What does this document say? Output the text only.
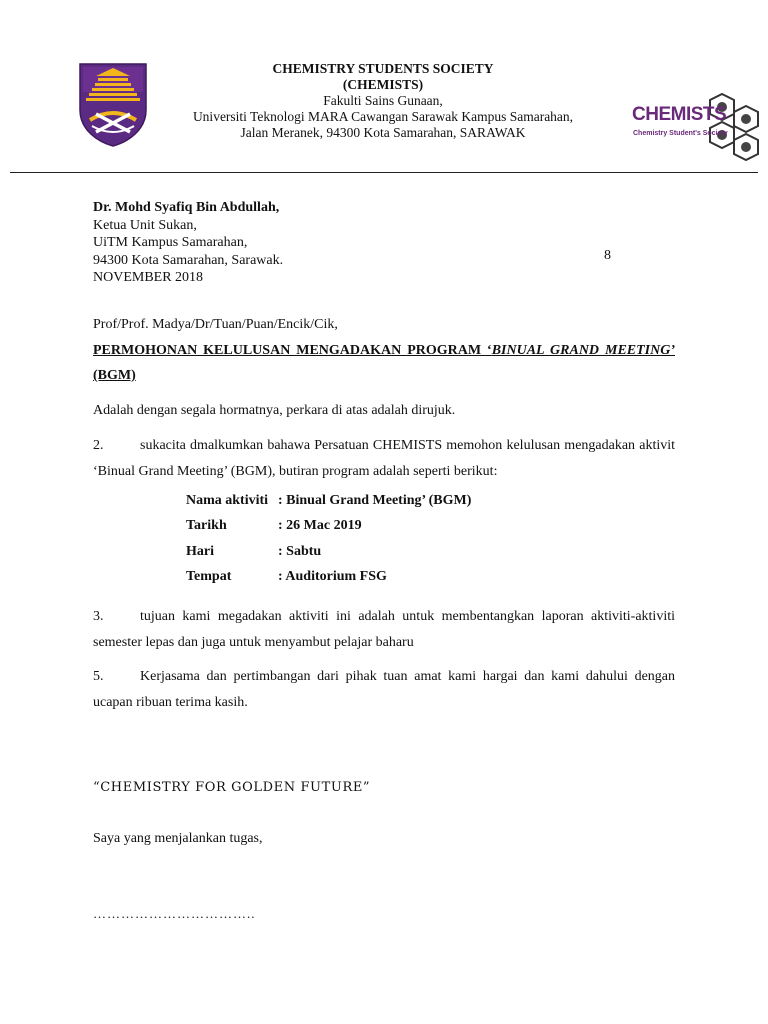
CHEMISTRY STUDENTS SOCIETY
(CHEMISTS)
Fakulti Sains Gunaan,
Universiti Teknologi MARA Cawangan Sarawak Kampus Samarahan,
Jalan Meranek, 94300 Kota Samarahan, SARAWAK
CHEMISTS
Chemistry Student's Society
Dr. Mohd Syafiq Bin Abdullah,
Ketua Unit Sukan,
UiTM Kampus Samarahan,
94300 Kota Samarahan, Sarawak.
NOVEMBER 2018
8
Prof/Prof. Madya/Dr/Tuan/Puan/Encik/Cik,
PERMOHONAN KELULUSAN MENGADAKAN PROGRAM ‘BINUAL GRAND MEETING’ (BGM)
Adalah dengan segala hormatnya, perkara di atas adalah dirujuk.
2.	sukacita dmalkumkan bahawa Persatuan CHEMISTS memohon kelulusan mengadakan aktivit ‘Binual Grand Meeting’ (BGM), butiran program adalah seperti berikut:
Nama aktiviti : Binual Grand Meeting’ (BGM)
Tarikh	: 26 Mac 2019
Hari	: Sabtu
Tempat	: Auditorium FSG
3.	tujuan kami megadakan aktiviti ini adalah untuk membentangkan laporan aktiviti-aktiviti semester lepas dan juga untuk menyambut pelajar baharu
5.	Kerjasama dan pertimbangan dari pihak tuan amat kami hargai dan kami dahului dengan ucapan ribuan terima kasih.
“CHEMISTRY FOR GOLDEN FUTURE”
Saya yang menjalankan tugas,
……………………………..
